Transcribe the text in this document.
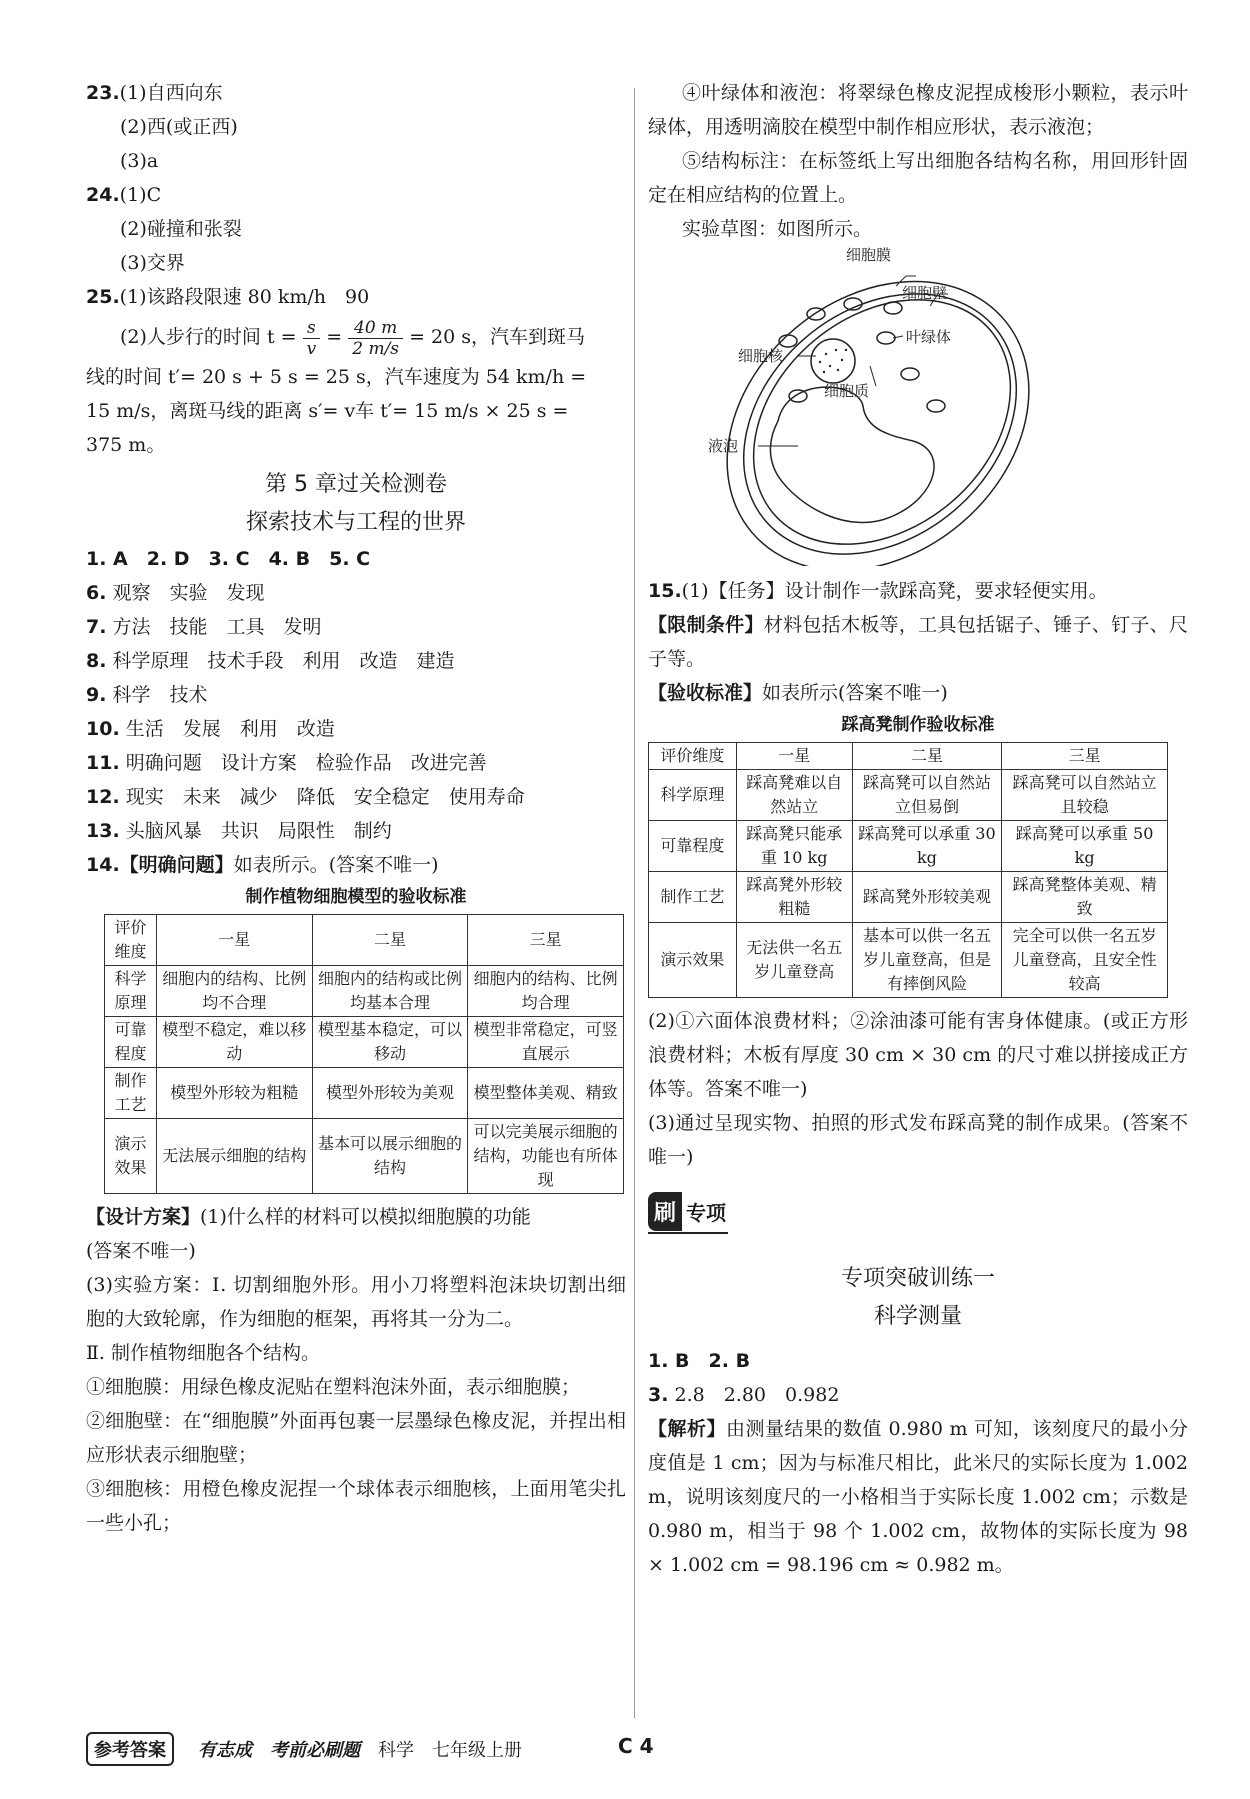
23.(1)自西向东
(2)西(或正西)
(3)a
24.(1)C
(2)碰撞和张裂
(3)交界
25.(1)该路段限速 80 km/h　90
(2)人步行的时间 $t = \frac{s}{v} = \frac{40 m}{2 m/s} = 20$ s，汽车到斑马
线的时间 t′= 20 s + 5 s = 25 s，汽车速度为 54 km/h =
15 m/s，离斑马线的距离 s′= v车 t′= 15 m/s × 25 s =
375 m。
第 5 章过关检测卷
探索技术与工程的世界
1. A　2. D　3. C　4. B　5. C
6. 观察　实验　发现
7. 方法　技能　工具　发明
8. 科学原理　技术手段　利用　改造　建造
9. 科学　技术
10. 生活　发展　利用　改造
11. 明确问题　设计方案　检验作品　改进完善
12. 现实　未来　减少　降低　安全稳定　使用寿命
13. 头脑风暴　共识　局限性　制约
14.【明确问题】如表所示。(答案不唯一)
制作植物细胞模型的验收标准
评价维度	一星	二星	三星
科学原理	细胞内的结构、比例均不合理	细胞内的结构或比例均基本合理	细胞内的结构、比例均合理
可靠程度	模型不稳定，难以移动	模型基本稳定，可以移动	模型非常稳定，可竖直展示
制作工艺	模型外形较为粗糙	模型外形较为美观	模型整体美观、精致
演示效果	无法展示细胞的结构	基本可以展示细胞的结构	可以完美展示细胞的结构，功能也有所体现
【设计方案】(1)什么样的材料可以模拟细胞膜的功能
(答案不唯一)
(3)实验方案：Ⅰ. 切割细胞外形。用小刀将塑料泡沫块切割出细胞的大致轮廓，作为细胞的框架，再将其一分为二。
Ⅱ. 制作植物细胞各个结构。
①细胞膜：用绿色橡皮泥贴在塑料泡沫外面，表示细胞膜；
②细胞壁：在“细胞膜”外面再包裹一层墨绿色橡皮泥，并捏出相应形状表示细胞壁；
③细胞核：用橙色橡皮泥捏一个球体表示细胞核，上面用笔尖扎一些小孔；
④叶绿体和液泡：将翠绿色橡皮泥捏成梭形小颗粒，表示叶绿体，用透明滴胶在模型中制作相应形状，表示液泡；
⑤结构标注：在标签纸上写出细胞各结构名称，用回形针固定在相应结构的位置上。
实验草图：如图所示。
细胞膜
细胞壁
叶绿体
细胞核
细胞质
液泡
15.(1)【任务】设计制作一款踩高凳，要求轻便实用。
【限制条件】材料包括木板等，工具包括锯子、锤子、钉子、尺子等。
【验收标准】如表所示(答案不唯一)
踩高凳制作验收标准
评价维度	一星	二星	三星
科学原理	踩高凳难以自然站立	踩高凳可以自然站立但易倒	踩高凳可以自然站立且较稳
可靠程度	踩高凳只能承重 10 kg	踩高凳可以承重 30 kg	踩高凳可以承重 50 kg
制作工艺	踩高凳外形较粗糙	踩高凳外形较美观	踩高凳整体美观、精致
演示效果	无法供一名五岁儿童登高	基本可以供一名五岁儿童登高，但是有摔倒风险	完全可以供一名五岁儿童登高，且安全性较高
(2)①六面体浪费材料；②涂油漆可能有害身体健康。(或正方形浪费材料；木板有厚度 30 cm × 30 cm 的尺寸难以拼接成正方体等。答案不唯一)
(3)通过呈现实物、拍照的形式发布踩高凳的制作成果。(答案不唯一)
刷 专项
专项突破训练一
科学测量
1. B　2. B
3. 2.8　2.80　0.982
【解析】由测量结果的数值 0.980 m 可知，该刻度尺的最小分度值是 1 cm；因为与标准尺相比，此米尺的实际长度为 1.002 m，说明该刻度尺的一小格相当于实际长度 1.002 cm；示数是 0.980 m，相当于 98 个 1.002 cm，故物体的实际长度为 98 × 1.002 cm = 98.196 cm ≈ 0.982 m。
参考答案	有志成　 考前必刷题　 科学　七年级上册	C 4
